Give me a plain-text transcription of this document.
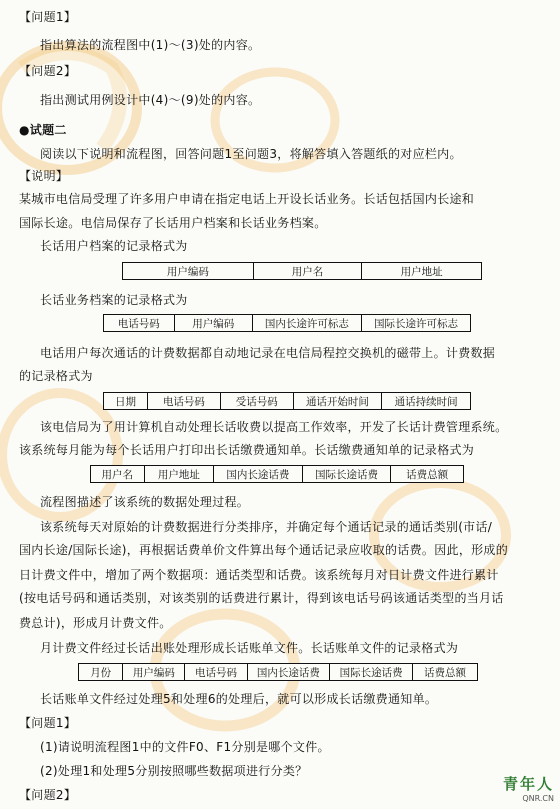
【问题1】
指出算法的流程图中(1)～(3)处的内容。
【问题2】
指出测试用例设计中(4)～(9)处的内容。
●试题二
阅读以下说明和流程图，回答问题1至问题3，将解答填入答题纸的对应栏内。
【说明】
某城市电信局受理了许多用户申请在指定电话上开设长话业务。长话包括国内长途和
国际长途。电信局保存了长话用户档案和长话业务档案。
长话用户档案的记录格式为
用户编码	用户名	用户地址
长话业务档案的记录格式为
电话号码	用户编码	国内长途许可标志	国际长途许可标志
电话用户每次通话的计费数据都自动地记录在电信局程控交换机的磁带上。计费数据
的记录格式为
日期	电话号码	受话号码	通话开始时间	通话持续时间
该电信局为了用计算机自动处理长话收费以提高工作效率，开发了长话计费管理系统。
该系统每月能为每个长话用户打印出长话缴费通知单。长话缴费通知单的记录格式为
用户名	用户地址	国内长途话费	国际长途话费	话费总额
流程图描述了该系统的数据处理过程。
该系统每天对原始的计费数据进行分类排序，并确定每个通话记录的通话类别(市话/
国内长途/国际长途)，再根据话费单价文件算出每个通话记录应收取的话费。因此，形成的
日计费文件中，增加了两个数据项：通话类型和话费。该系统每月对日计费文件进行累计
(按电话号码和通话类别，对该类别的话费进行累计，得到该电话号码该通话类型的当月话
费总计)，形成月计费文件。
月计费文件经过长话出账处理形成长话账单文件。长话账单文件的记录格式为
月份	用户编码	电话号码	国内长途话费	国际长途话费	话费总额
长话账单文件经过处理5和处理6的处理后，就可以形成长话缴费通知单。
【问题1】
(1)请说明流程图1中的文件F0、F1分别是哪个文件。
(2)处理1和处理5分别按照哪些数据项进行分类？
【问题2】
青年人
QNR.CN
